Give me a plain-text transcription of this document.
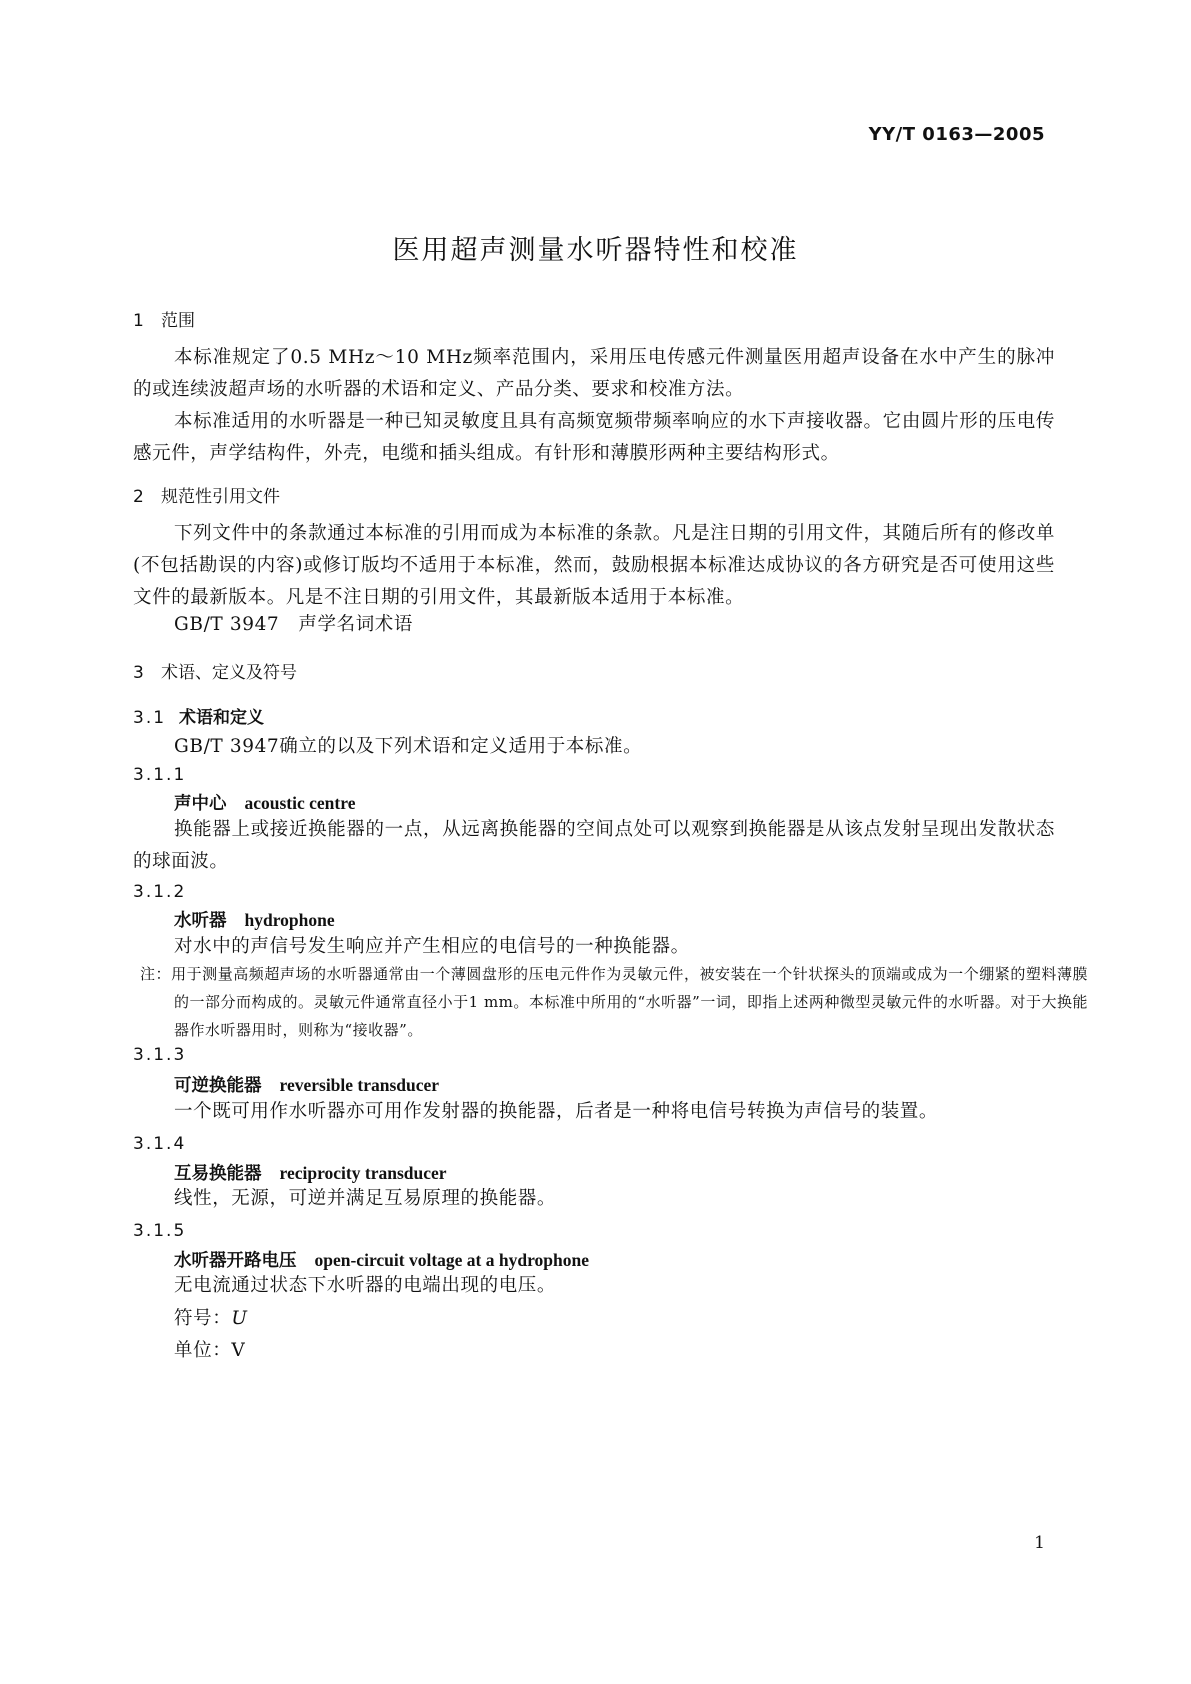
YY/T 0163—2005
医用超声测量水听器特性和校准
1 范围
本标准规定了0.5 MHz～10 MHz频率范围内，采用压电传感元件测量医用超声设备在水中产生的脉冲的或连续波超声场的水听器的术语和定义、产品分类、要求和校准方法。
本标准适用的水听器是一种已知灵敏度且具有高频宽频带频率响应的水下声接收器。它由圆片形的压电传感元件，声学结构件，外壳，电缆和插头组成。有针形和薄膜形两种主要结构形式。
2 规范性引用文件
下列文件中的条款通过本标准的引用而成为本标准的条款。凡是注日期的引用文件，其随后所有的修改单(不包括勘误的内容)或修订版均不适用于本标准，然而，鼓励根据本标准达成协议的各方研究是否可使用这些文件的最新版本。凡是不注日期的引用文件，其最新版本适用于本标准。
GB/T 3947　声学名词术语
3 术语、定义及符号
3.1 术语和定义
GB/T 3947确立的以及下列术语和定义适用于本标准。
3.1.1
声中心 acoustic centre
换能器上或接近换能器的一点，从远离换能器的空间点处可以观察到换能器是从该点发射呈现出发散状态的球面波。
3.1.2
水听器 hydrophone
对水中的声信号发生响应并产生相应的电信号的一种换能器。
注：用于测量高频超声场的水听器通常由一个薄圆盘形的压电元件作为灵敏元件，被安装在一个针状探头的顶端或成为一个绷紧的塑料薄膜的一部分而构成的。灵敏元件通常直径小于1 mm。本标准中所用的“水听器”一词，即指上述两种微型灵敏元件的水听器。对于大换能器作水听器用时，则称为“接收器”。
3.1.3
可逆换能器 reversible transducer
一个既可用作水听器亦可用作发射器的换能器，后者是一种将电信号转换为声信号的装置。
3.1.4
互易换能器 reciprocity transducer
线性，无源，可逆并满足互易原理的换能器。
3.1.5
水听器开路电压 open-circuit voltage at a hydrophone
无电流通过状态下水听器的电端出现的电压。
符号：U
单位：V
1
